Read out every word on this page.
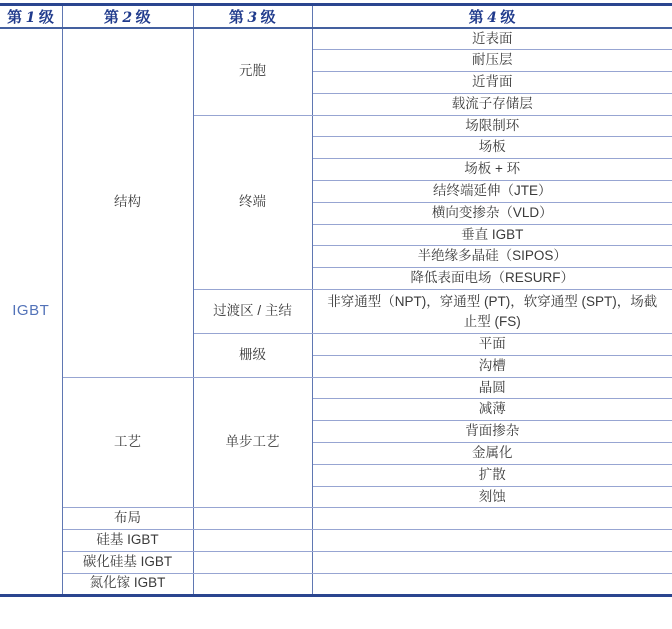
第 1 级	第 2 级	第 3 级	第 4 级
IGBT	结构	元胞	近表面
			耐压层
			近背面
			载流子存储层
		终端	场限制环
			场板
			场板 + 环
			结终端延伸（JTE）
			横向变掺杂（VLD）
			垂直 IGBT
			半绝缘多晶硅（SIPOS）
			降低表面电场（RESURF）
		过渡区 / 主结	非穿通型（NPT)，穿通型 (PT)，软穿通型 (SPT)，场截止型 (FS)
		栅级	平面
			沟槽
	工艺	单步工艺	晶圆
			减薄
			背面掺杂
			金属化
			扩散
			刻蚀
	布局		
	硅基 IGBT		
	碳化硅基 IGBT		
	氮化镓 IGBT		
